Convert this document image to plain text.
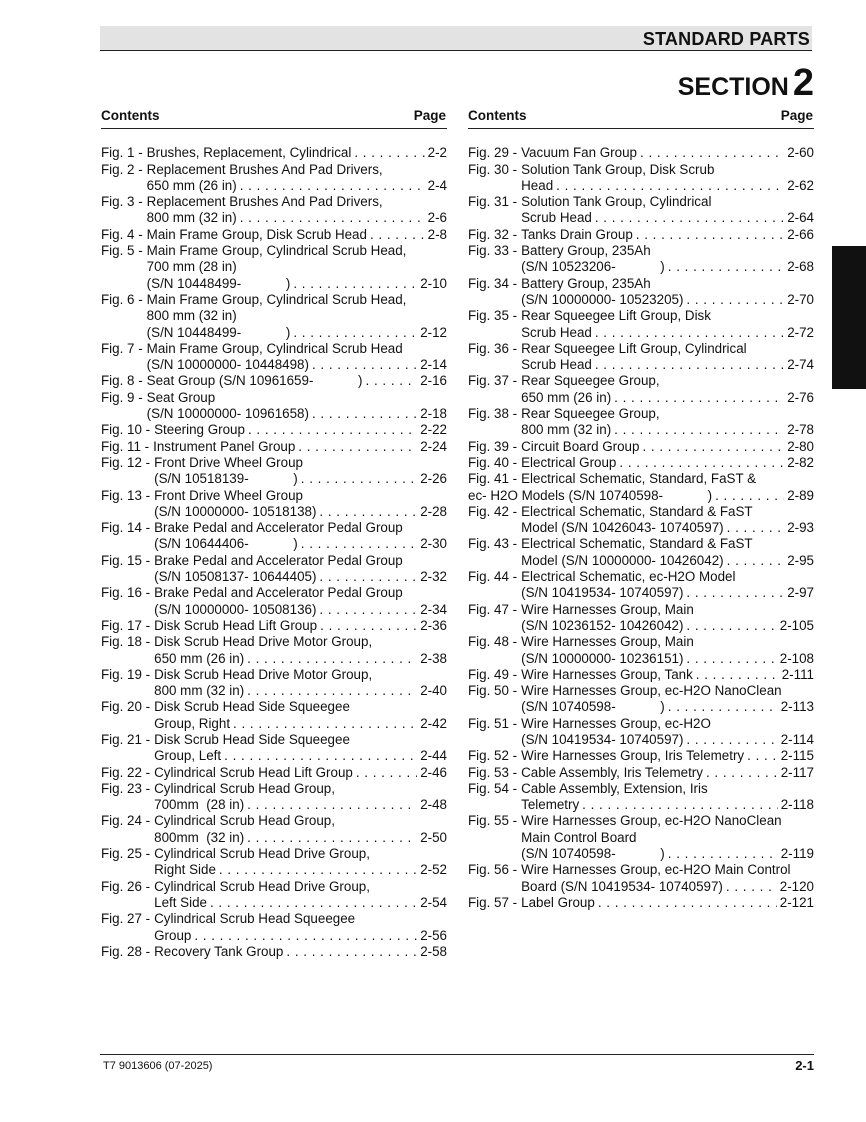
STANDARD PARTS
SECTION 2
Contents	Page
Fig. 1 - Brushes, Replacement, Cylindrical . . .	2-2
Fig. 2 - Replacement Brushes And Pad Drivers,
650 mm (26 in) . . .	2-4
Fig. 3 - Replacement Brushes And Pad Drivers,
800 mm (32 in) . . .	2-6
Fig. 4 - Main Frame Group, Disk Scrub Head . . .	2-8
Fig. 5 - Main Frame Group, Cylindrical Scrub Head,
700 mm (28 in)
(S/N 10448499-            ) . . .	2-10
Fig. 6 - Main Frame Group, Cylindrical Scrub Head,
800 mm (32 in)
(S/N 10448499-            ) . . .	2-12
Fig. 7 - Main Frame Group, Cylindrical Scrub Head
(S/N 10000000- 10448498) . . .	2-14
Fig. 8 - Seat Group (S/N 10961659-            ) . . .	2-16
Fig. 9 - Seat Group
(S/N 10000000- 10961658) . . .	2-18
Fig. 10 - Steering Group . . .	2-22
Fig. 11 - Instrument Panel Group . . .	2-24
Fig. 12 - Front Drive Wheel Group
(S/N 10518139-            ) . . .	2-26
Fig. 13 - Front Drive Wheel Group
(S/N 10000000- 10518138) . . .	2-28
Fig. 14 - Brake Pedal and Accelerator Pedal Group
(S/N 10644406-            ) . . .	2-30
Fig. 15 - Brake Pedal and Accelerator Pedal Group
(S/N 10508137- 10644405) . . .	2-32
Fig. 16 - Brake Pedal and Accelerator Pedal Group
(S/N 10000000- 10508136) . . .	2-34
Fig. 17 - Disk Scrub Head Lift Group . . .	2-36
Fig. 18 - Disk Scrub Head Drive Motor Group,
650 mm (26 in) . . .	2-38
Fig. 19 - Disk Scrub Head Drive Motor Group,
800 mm (32 in) . . .	2-40
Fig. 20 - Disk Scrub Head Side Squeegee
Group, Right . . .	2-42
Fig. 21 - Disk Scrub Head Side Squeegee
Group, Left . . .	2-44
Fig. 22 - Cylindrical Scrub Head Lift Group . . .	2-46
Fig. 23 - Cylindrical Scrub Head Group,
700mm  (28 in) . . .	2-48
Fig. 24 - Cylindrical Scrub Head Group,
800mm  (32 in) . . .	2-50
Fig. 25 - Cylindrical Scrub Head Drive Group,
Right Side . . .	2-52
Fig. 26 - Cylindrical Scrub Head Drive Group,
Left Side . . .	2-54
Fig. 27 - Cylindrical Scrub Head Squeegee
Group . . .	2-56
Fig. 28 - Recovery Tank Group . . .	2-58
Contents	Page
Fig. 29 - Vacuum Fan Group . . .	2-60
Fig. 30 - Solution Tank Group, Disk Scrub
Head . . .	2-62
Fig. 31 - Solution Tank Group, Cylindrical
Scrub Head . . .	2-64
Fig. 32 - Tanks Drain Group . . .	2-66
Fig. 33 - Battery Group, 235Ah
(S/N 10523206-            ) . . .	2-68
Fig. 34 - Battery Group, 235Ah
(S/N 10000000- 10523205) . . .	2-70
Fig. 35 - Rear Squeegee Lift Group, Disk
Scrub Head . . .	2-72
Fig. 36 - Rear Squeegee Lift Group, Cylindrical
Scrub Head . . .	2-74
Fig. 37 - Rear Squeegee Group,
650 mm (26 in) . . .	2-76
Fig. 38 - Rear Squeegee Group,
800 mm (32 in) . . .	2-78
Fig. 39 - Circuit Board Group . . .	2-80
Fig. 40 - Electrical Group . . .	2-82
Fig. 41 - Electrical Schematic, Standard, FaST &
ec- H2O Models (S/N 10740598-            ) . . .	2-89
Fig. 42 - Electrical Schematic, Standard & FaST
Model (S/N 10426043- 10740597) . . .	2-93
Fig. 43 - Electrical Schematic, Standard & FaST
Model (S/N 10000000- 10426042) . . .	2-95
Fig. 44 - Electrical Schematic, ec-H2O Model
(S/N 10419534- 10740597) . . .	2-97
Fig. 47 - Wire Harnesses Group, Main
(S/N 10236152- 10426042) . . .	2-105
Fig. 48 - Wire Harnesses Group, Main
(S/N 10000000- 10236151) . . .	2-108
Fig. 49 - Wire Harnesses Group, Tank . . .	2-111
Fig. 50 - Wire Harnesses Group, ec-H2O NanoClean
(S/N 10740598-            ) . . .	2-113
Fig. 51 - Wire Harnesses Group, ec-H2O
(S/N 10419534- 10740597) . . .	2-114
Fig. 52 - Wire Harnesses Group, Iris Telemetry . . .	2-115
Fig. 53 - Cable Assembly, Iris Telemetry . . .	2-117
Fig. 54 - Cable Assembly, Extension, Iris
Telemetry . . .	2-118
Fig. 55 - Wire Harnesses Group, ec-H2O NanoClean
Main Control Board
(S/N 10740598-            ) . . .	2-119
Fig. 56 - Wire Harnesses Group, ec-H2O Main Control
Board (S/N 10419534- 10740597) . . .	2-120
Fig. 57 - Label Group . . .	2-121
T7 9013606 (07-2025)	2-1
